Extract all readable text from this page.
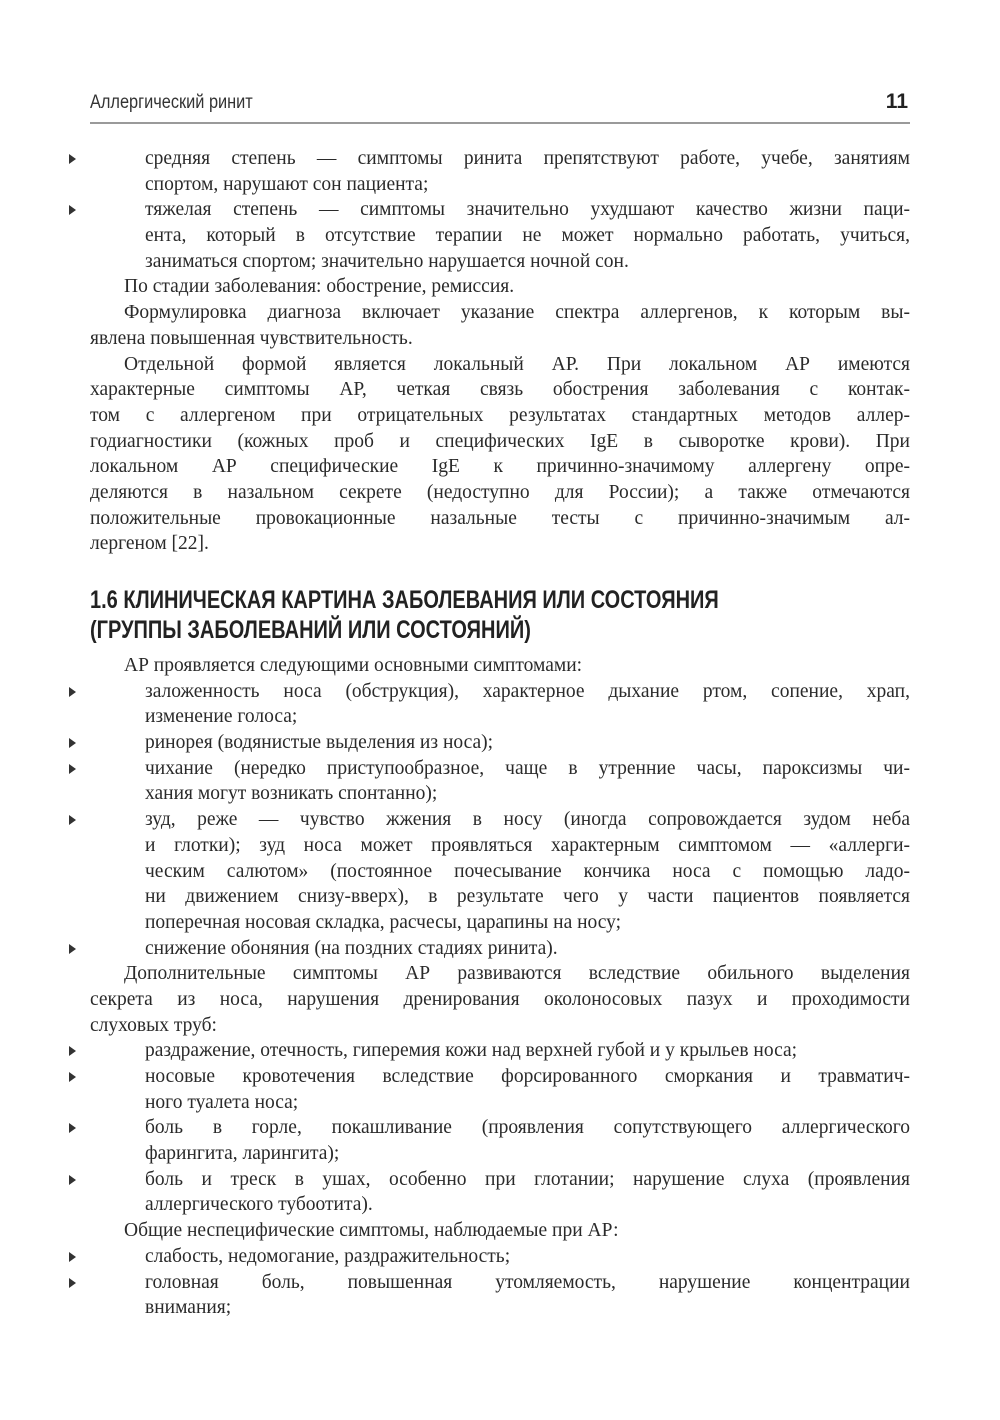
Аллергический ринит	11
средняя степень — симптомы ринита препятствуют работе, учебе, занятиям
спортом, нарушают сон пациента;
тяжелая степень — симптомы значительно ухудшают качество жизни паци-
ента, который в отсутствие терапии не может нормально работать, учиться,
заниматься спортом; значительно нарушается ночной сон.
По стадии заболевания: обострение, ремиссия.
Формулировка диагноза включает указание спектра аллергенов, к которым вы-
явлена повышенная чувствительность.
Отдельной формой является локальный АР. При локальном АР имеются
характерные симптомы АР, четкая связь обострения заболевания с контак-
том с аллергеном при отрицательных результатах стандартных методов аллер-
годиагностики (кожных проб и специфических IgE в сыворотке крови). При
локальном АР специфические IgE к причинно-значимому аллергену опре-
деляются в назальном секрете (недоступно для России); а также отмечаются
положительные провокационные назальные тесты с причинно-значимым ал-
лергеном [22].
1.6 КЛИНИЧЕСКАЯ КАРТИНА ЗАБОЛЕВАНИЯ ИЛИ СОСТОЯНИЯ
(ГРУППЫ ЗАБОЛЕВАНИЙ ИЛИ СОСТОЯНИЙ)
АР проявляется следующими основными симптомами:
заложенность носа (обструкция), характерное дыхание ртом, сопение, храп,
изменение голоса;
ринорея (водянистые выделения из носа);
чихание (нередко приступообразное, чаще в утренние часы, пароксизмы чи-
хания могут возникать спонтанно);
зуд, реже — чувство жжения в носу (иногда сопровождается зудом неба
и глотки); зуд носа может проявляться характерным симптомом — «аллерги-
ческим салютом» (постоянное почесывание кончика носа с помощью ладо-
ни движением снизу-вверх), в результате чего у части пациентов появляется
поперечная носовая складка, расчесы, царапины на носу;
снижение обоняния (на поздних стадиях ринита).
Дополнительные симптомы АР развиваются вследствие обильного выделения
секрета из носа, нарушения дренирования околоносовых пазух и проходимости
слуховых труб:
раздражение, отечность, гиперемия кожи над верхней губой и у крыльев носа;
носовые кровотечения вследствие форсированного сморкания и травматич-
ного туалета носа;
боль в горле, покашливание (проявления сопутствующего аллергического
фарингита, ларингита);
боль и треск в ушах, особенно при глотании; нарушение слуха (проявления
аллергического тубоотита).
Общие неспецифические симптомы, наблюдаемые при АР:
слабость, недомогание, раздражительность;
головная боль, повышенная утомляемость, нарушение концентрации
внимания;
